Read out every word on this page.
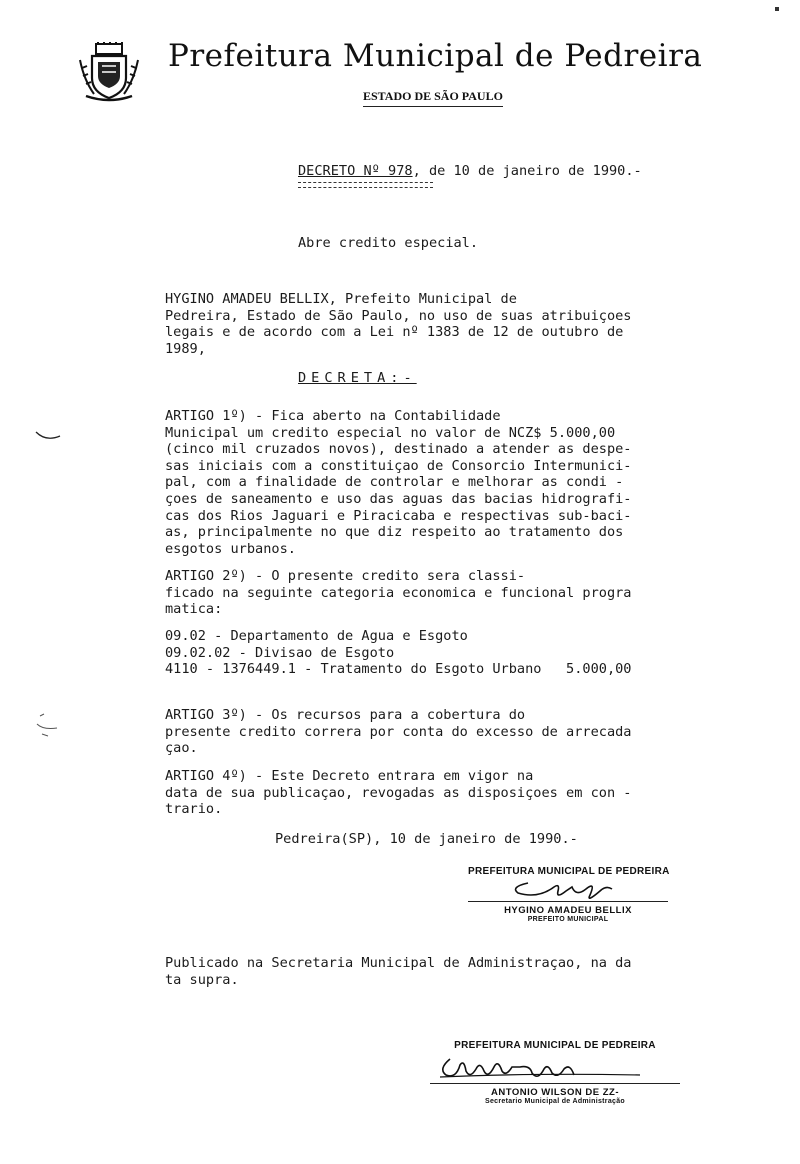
Prefeitura Municipal de Pedreira
ESTADO DE SÃO PAULO
DECRETO Nº 978, de 10 de janeiro de 1990.-
Abre credito especial.
HYGINO AMADEU BELLIX, Prefeito Municipal de
Pedreira, Estado de São Paulo, no uso de suas atribuiçoes
legais e de acordo com a Lei nº 1383 de 12 de outubro de
1989,
DECRETA:-
ARTIGO 1º) - Fica aberto na Contabilidade
Municipal um credito especial no valor de NCZ$ 5.000,00
(cinco mil cruzados novos), destinado a atender as despe-
sas iniciais com a constituiçao de Consorcio Intermunici-
pal, com a finalidade de controlar e melhorar as condi -
çoes de saneamento e uso das aguas das bacias hidrografi-
cas dos Rios Jaguari e Piracicaba e respectivas sub-baci-
as, principalmente no que diz respeito ao tratamento dos
esgotos urbanos.
ARTIGO 2º) - O presente credito sera classi-
ficado na seguinte categoria economica e funcional progra
matica:
09.02 - Departamento de Agua e Esgoto
09.02.02 - Divisao de Esgoto
4110 - 1376449.1 - Tratamento do Esgoto Urbano   5.000,00
ARTIGO 3º) - Os recursos para a cobertura do
presente credito correra por conta do excesso de arrecada
çao.
ARTIGO 4º) - Este Decreto entrara em vigor na
data de sua publicaçao, revogadas as disposiçoes em con -
trario.
Pedreira(SP), 10 de janeiro de 1990.-
PREFEITURA MUNICIPAL DE PEDREIRA
HYGINO AMADEU BELLIX
PREFEITO MUNICIPAL
Publicado na Secretaria Municipal de Administraçao, na da
ta supra.
PREFEITURA MUNICIPAL DE PEDREIRA
ANTONIO WILSON DE ZZ-
Secretario Municipal de Administração
